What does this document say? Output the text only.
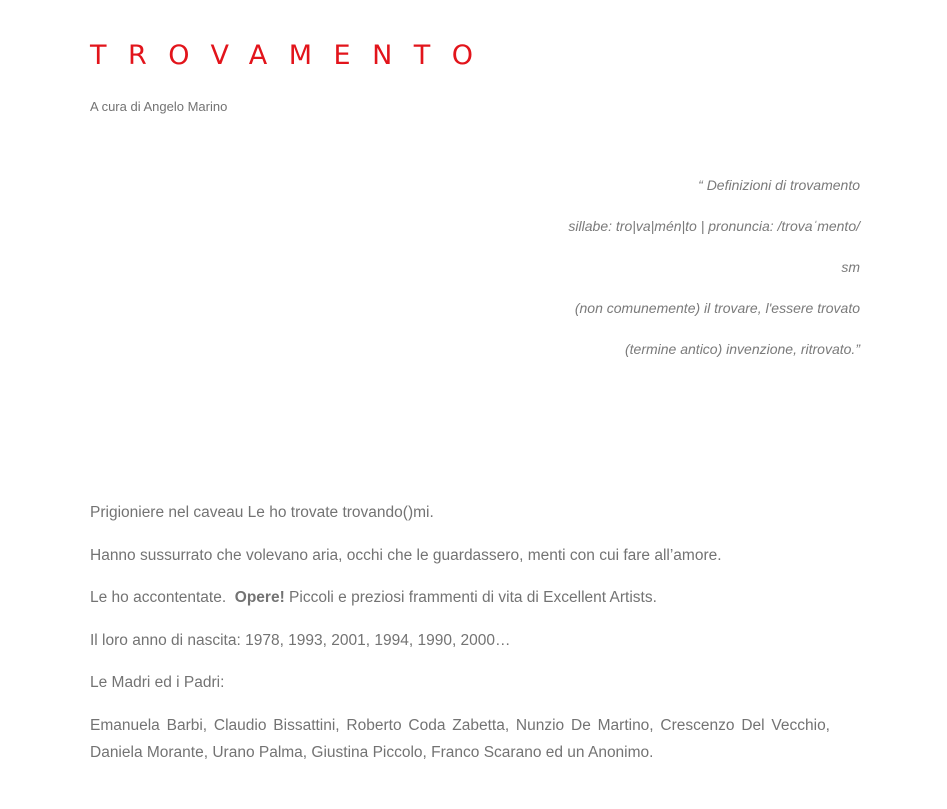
TROVAMENTO

A cura di Angelo Marino

“ Definizioni di trovamento

sillabe: tro|va|mén|to | pronuncia: /trovaˈmento/

sm

(non comunemente) il trovare, l'essere trovato

(termine antico) invenzione, ritrovato.”

Prigioniere nel caveau Le ho trovate trovando()mi.

Hanno sussurrato che volevano aria, occhi che le guardassero, menti con cui fare all’amore.

Le ho accontentate.  Opere! Piccoli e preziosi frammenti di vita di Excellent Artists.

Il loro anno di nascita: 1978, 1993, 2001, 1994, 1990, 2000…

Le Madri ed i Padri:

Emanuela Barbi, Claudio Bissattini, Roberto Coda Zabetta, Nunzio De Martino, Crescenzo Del Vecchio, Daniela Morante, Urano Palma, Giustina Piccolo, Franco Scarano ed un Anonimo.
